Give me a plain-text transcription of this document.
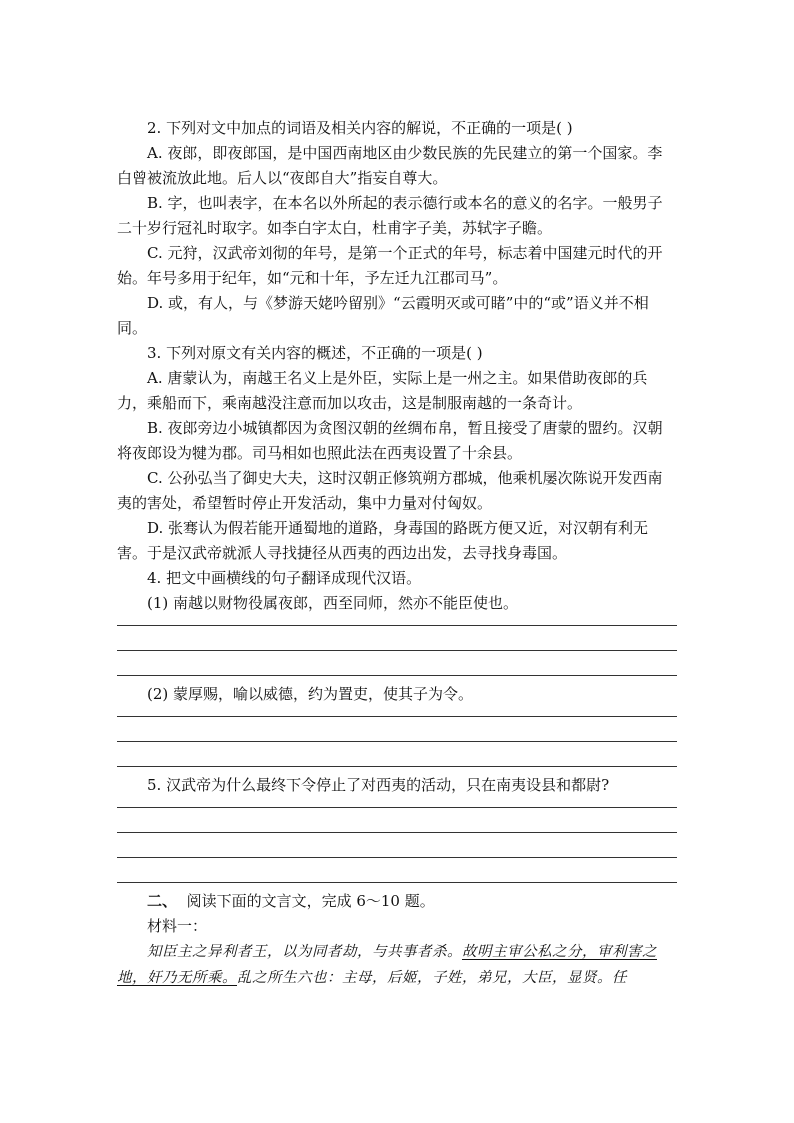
2. 下列对文中加点的词语及相关内容的解说，不正确的一项是( )

A. 夜郎，即夜郎国，是中国西南地区由少数民族的先民建立的第一个国家。李白曾被流放此地。后人以“夜郎自大”指妄自尊大。

B. 字，也叫表字，在本名以外所起的表示德行或本名的意义的名字。一般男子二十岁行冠礼时取字。如李白字太白，杜甫字子美，苏轼字子瞻。

C. 元狩，汉武帝刘彻的年号，是第一个正式的年号，标志着中国建元时代的开始。年号多用于纪年，如“元和十年，予左迁九江郡司马”。

D. 或，有人，与《梦游天姥吟留别》“云霞明灭或可睹”中的“或”语义并不相同。

3. 下列对原文有关内容的概述，不正确的一项是( )

A. 唐蒙认为，南越王名义上是外臣，实际上是一州之主。如果借助夜郎的兵力，乘船而下，乘南越没注意而加以攻击，这是制服南越的一条奇计。

B. 夜郎旁边小城镇都因为贪图汉朝的丝绸布帛，暂且接受了唐蒙的盟约。汉朝将夜郎设为犍为郡。司马相如也照此法在西夷设置了十余县。

C. 公孙弘当了御史大夫，这时汉朝正修筑朔方郡城，他乘机屡次陈说开发西南夷的害处，希望暂时停止开发活动，集中力量对付匈奴。

D. 张骞认为假若能开通蜀地的道路，身毒国的路既方便又近，对汉朝有利无害。于是汉武帝就派人寻找捷径从西夷的西边出发，去寻找身毒国。

4. 把文中画横线的句子翻译成现代汉语。

(1) 南越以财物役属夜郎，西至同师，然亦不能臣使也。

(2) 蒙厚赐，喻以威德，约为置吏，使其子为令。

5. 汉武帝为什么最终下令停止了对西夷的活动，只在南夷设县和都尉?

二、 阅读下面的文言文，完成 6～10 题。

材料一：

知臣主之异利者王，以为同者劫，与共事者杀。故明主审公私之分，审利害之地，奸乃无所乘。乱之所生六也：主母，后姬，子姓，弟兄，大臣，显贤。任
